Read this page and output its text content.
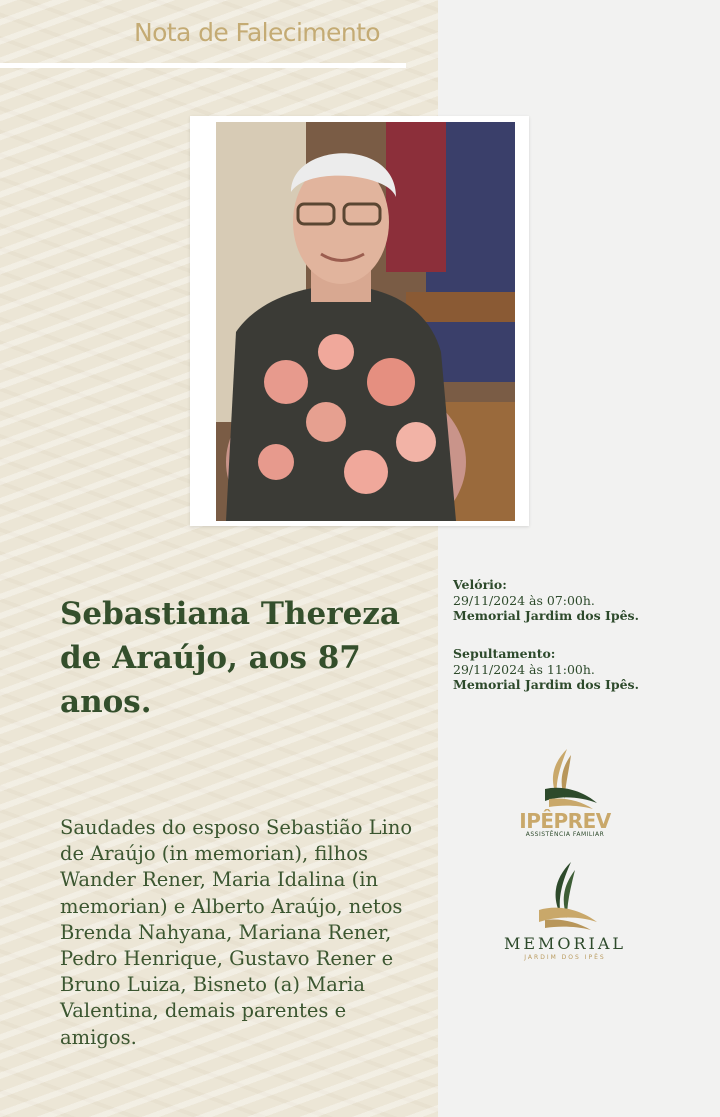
Nota de Falecimento
Sebastiana Thereza de Araújo, aos 87 anos.

Saudades do esposo Sebastião Lino de Araújo (in memorian), filhos Wander Rener, Maria Idalina (in memorian) e Alberto Araújo, netos Brenda Nahyana, Mariana Rener, Pedro Henrique, Gustavo Rener e Bruno Luiza, Bisneto (a) Maria Valentina, demais parentes e amigos.

Velório:
29/11/2024 às 07:00h.
Memorial Jardim dos Ipês.
Sepultamento:
29/11/2024 às 11:00h.
Memorial Jardim dos Ipês.
IPÊPREV
ASSISTÊNCIA FAMILIAR
MEMORIAL
JARDIM DOS IPÊS
